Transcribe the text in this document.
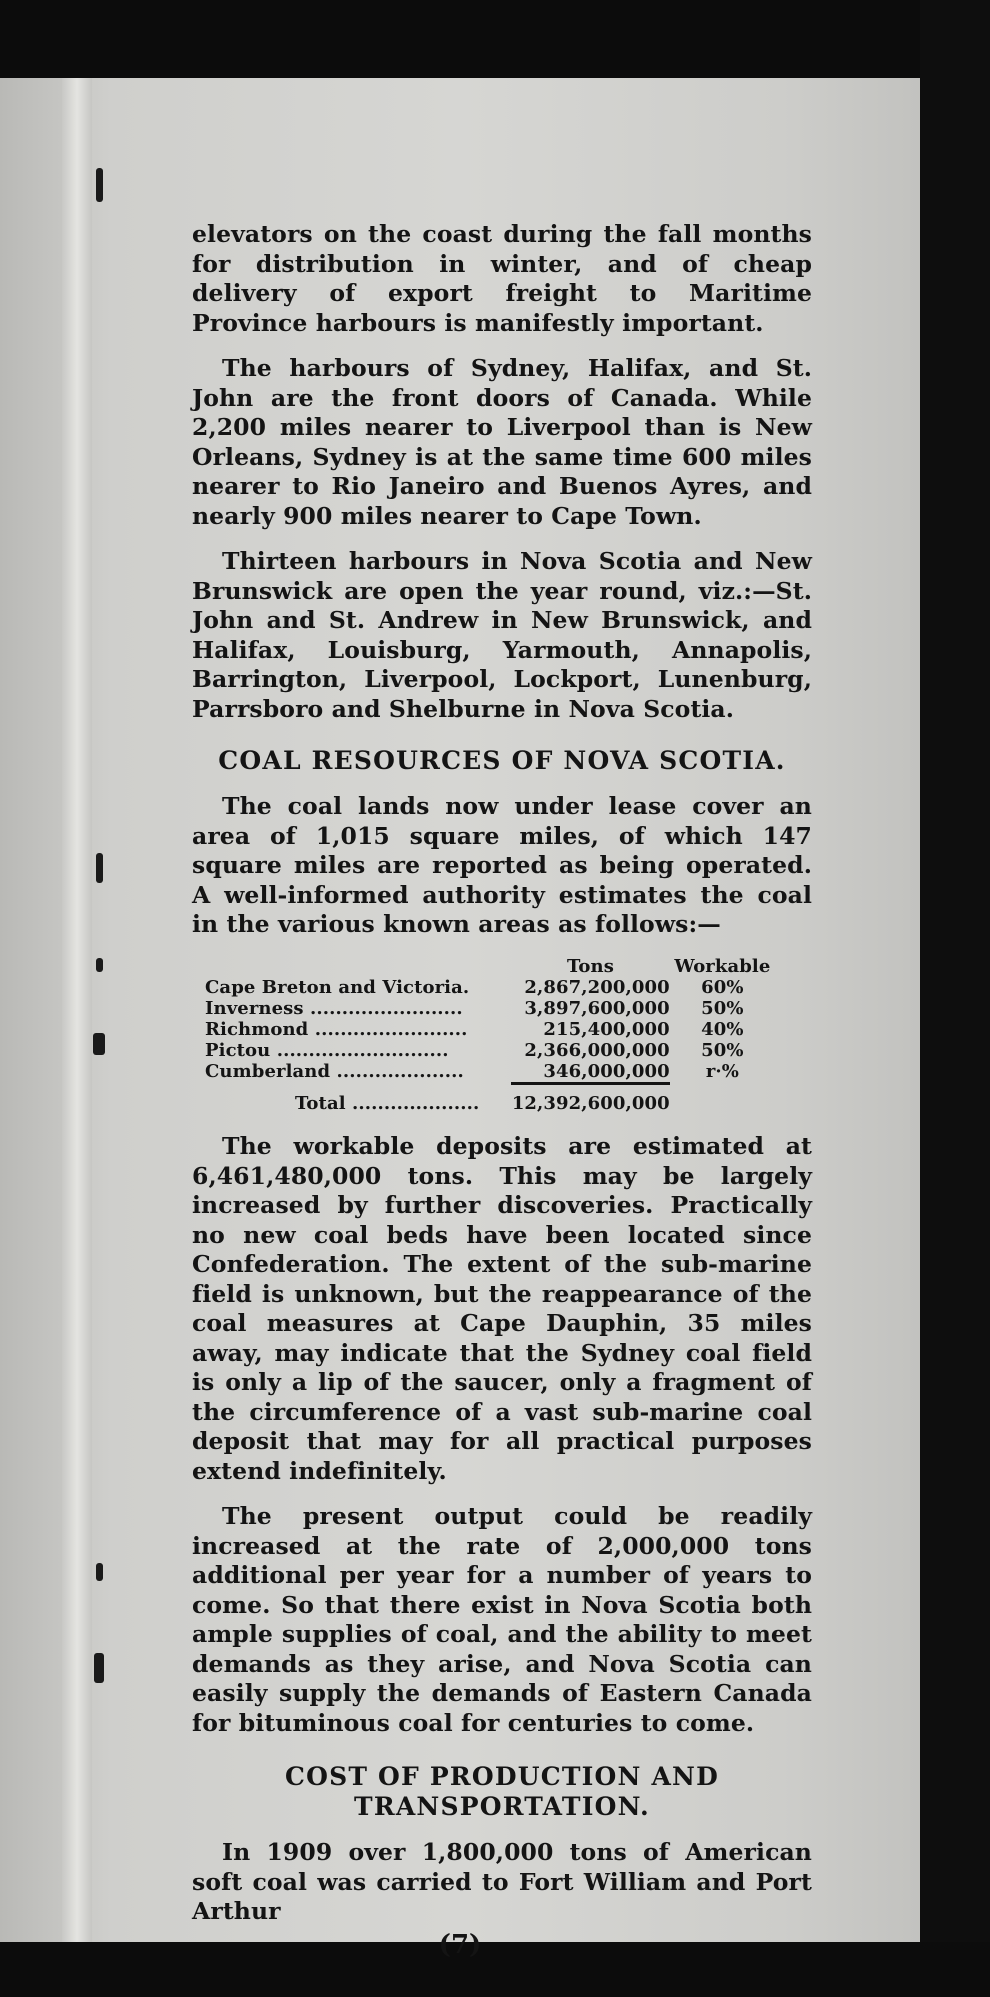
elevators on the coast during the fall months for distribution in winter, and of cheap delivery of export freight to Maritime Province harbours is manifestly important.

The harbours of Sydney, Halifax, and St. John are the front doors of Canada. While 2,200 miles nearer to Liverpool than is New Orleans, Sydney is at the same time 600 miles nearer to Rio Janeiro and Buenos Ayres, and nearly 900 miles nearer to Cape Town.

Thirteen harbours in Nova Scotia and New Brunswick are open the year round, viz.:—St. John and St. Andrew in New Brunswick, and Halifax, Louisburg, Yarmouth, Annapolis, Barrington, Liverpool, Lockport, Lunenburg, Parrsboro and Shelburne in Nova Scotia.

COAL RESOURCES OF NOVA SCOTIA.

The coal lands now under lease cover an area of 1,015 square miles, of which 147 square miles are reported as being operated. A well-informed authority estimates the coal in the various known areas as follows:—

	Tons	Workable
Cape Breton and Victoria.	2,867,200,000	60%
Inverness ........................	3,897,600,000	50%
Richmond ........................	215,400,000	40%
Pictou ...........................	2,366,000,000	50%
Cumberland ....................	346,000,000	r·%
Total ....................	12,392,600,000	

The workable deposits are estimated at 6,461,480,000 tons. This may be largely increased by further discoveries. Practically no new coal beds have been located since Confederation. The extent of the sub-marine field is unknown, but the reappearance of the coal measures at Cape Dauphin, 35 miles away, may indicate that the Sydney coal field is only a lip of the saucer, only a fragment of the circumference of a vast sub-marine coal deposit that may for all practical purposes extend indefinitely.

The present output could be readily increased at the rate of 2,000,000 tons additional per year for a number of years to come. So that there exist in Nova Scotia both ample supplies of coal, and the ability to meet demands as they arise, and Nova Scotia can easily supply the demands of Eastern Canada for bituminous coal for centuries to come.

COST OF PRODUCTION AND
TRANSPORTATION.

In 1909 over 1,800,000 tons of American soft coal was carried to Fort William and Port Arthur

(7)
